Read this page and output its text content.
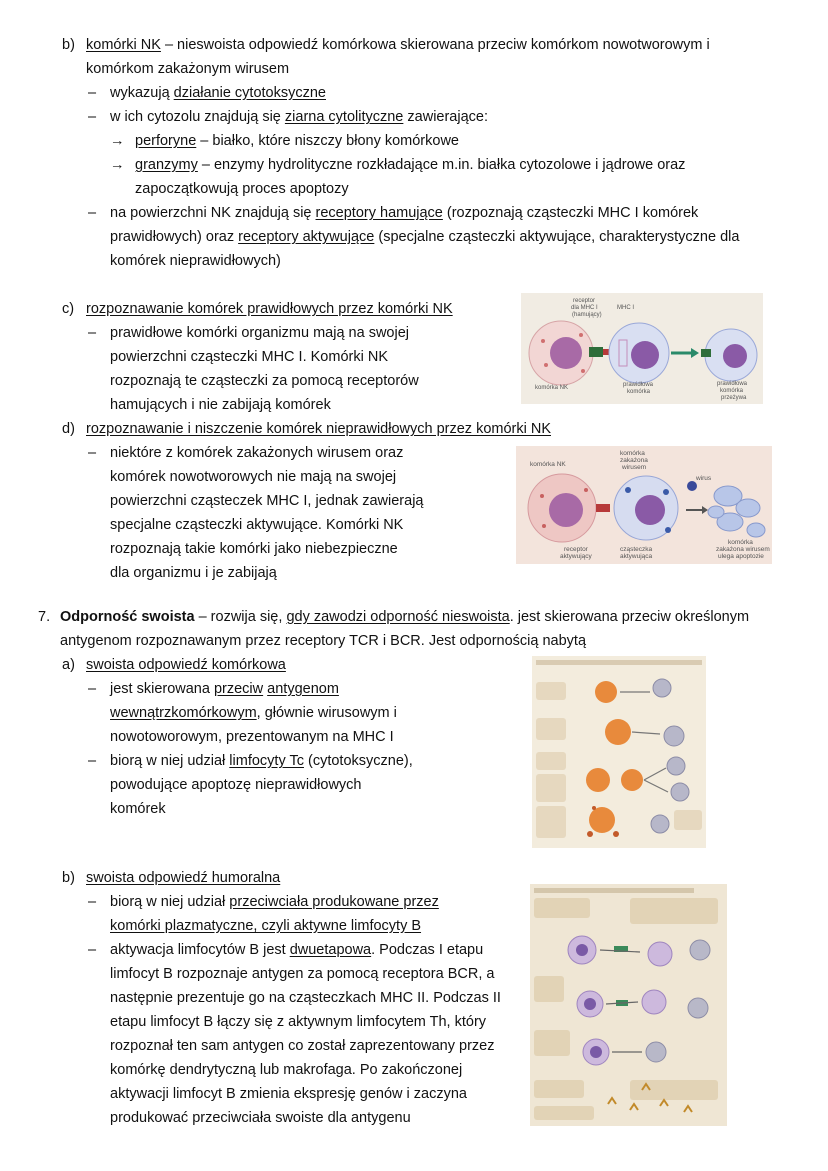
b) komórki NK – nieswoista odpowiedź komórkowa skierowana przeciw komórkom nowotworowym i
komórkom zakażonym wirusem
– wykazują działanie cytotoksyczne
– w ich cytozolu znajdują się ziarna cytolityczne zawierające:
→ perforyne – białko, które niszczy błony komórkowe
→ granzymy – enzymy hydrolityczne rozkładające m.in. białka cytozolowe i jądrowe oraz
zapoczątkowują proces apoptozy
– na powierzchni NK znajdują się receptory hamujące (rozpoznają cząsteczki MHC I komórek
prawidłowych) oraz receptory aktywujące (specjalne cząsteczki aktywujące, charakterystyczne dla
komórek nieprawidłowych)
c) rozpoznawanie komórek prawidłowych przez komórki NK
– prawidłowe komórki organizmu mają na swojej
powierzchni cząsteczki MHC I. Komórki NK
rozpoznają te cząsteczki za pomocą receptorów
hamujących i nie zabijają komórek
receptor
dla MHC I
(hamujący)
MHC I
komórka NK	prawidłowa
komórka
prawidłowa
komórka
przeżywa
d) rozpoznawanie i niszczenie komórek nieprawidłowych przez komórki NK
– niektóre z komórek zakażonych wirusem oraz
komórek nowotworowych nie mają na swojej
powierzchni cząsteczek MHC I, jednak zawierają
specjalne cząsteczki aktywujące. Komórki NK
rozpoznają takie komórki jako niebezpieczne
dla organizmu i je zabijają
komórka NK
komórka
zakażona
wirusem
wirus
receptor
aktywujący
cząsteczka
aktywująca
komórka
zakażona wirusem
ulega apoptozie
7. Odporność swoista – rozwija się, gdy zawodzi odporność nieswoista. jest skierowana przeciw określonym
antygenom rozpoznawanym przez receptory TCR i BCR. Jest odpornością nabytą
a) swoista odpowiedź komórkowa
– jest skierowana przeciw antygenom
wewnątrzkomórkowym, głównie wirusowym i
nowotoworowym, prezentowanym na MHC I
– biorą w niej udział limfocyty Tc (cytotoksyczne),
powodujące apoptozę nieprawidłowych
komórek
b) swoista odpowiedź humoralna
– biorą w niej udział przeciwciała produkowane przez
komórki plazmatyczne, czyli aktywne limfocyty B
– aktywacja limfocytów B jest dwuetapowa. Podczas I etapu
limfocyt B rozpoznaje antygen za pomocą receptora BCR, a
następnie prezentuje go na cząsteczkach MHC II. Podczas II
etapu limfocyt B łączy się z aktywnym limfocytem Th, który
rozpoznał ten sam antygen co został zaprezentowany przez
komórkę dendrytyczną lub makrofaga. Po zakończonej
aktywacji limfocyt B zmienia ekspresję genów i zaczyna
produkować przeciwciała swoiste dla antygenu
